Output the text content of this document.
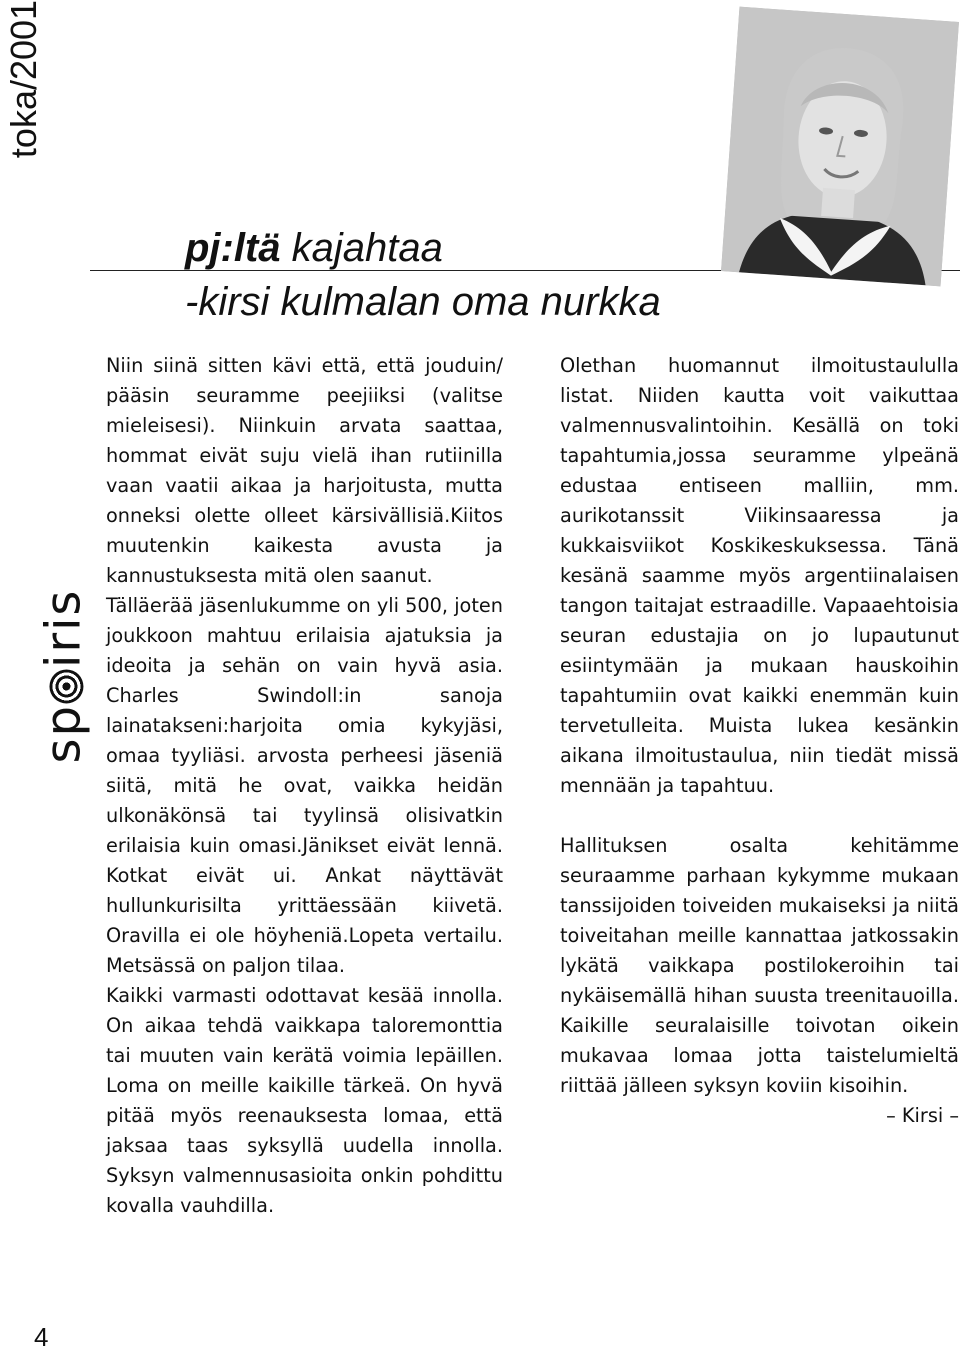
toka/2001
spiris
4
pj:ltä kajahtaa
-kirsi kulmalan oma nurkka

Niin siinä sitten kävi että, että jouduin/ pääsin seuramme peejiiksi (valitse mieleisesi). Niinkuin arvata saattaa, hommat eivät suju vielä ihan rutiinilla vaan vaatii aikaa ja harjoitusta, mutta onneksi olette olleet kärsivällisiä.Kiitos muutenkin kaikesta avusta ja kannustuksesta mitä olen saanut.

Tälläerää jäsenlukumme on yli 500, joten joukkoon mahtuu erilaisia ajatuksia ja ideoita ja sehän on vain hyvä asia. Charles Swindoll:in sanoja lainatakseni:harjoita omia kykyjäsi, omaa tyyliäsi. arvosta perheesi jäseniä siitä, mitä he ovat, vaikka heidän ulkonäkönsä tai tyylinsä olisivatkin erilaisia kuin omasi.Jänikset eivät lennä. Kotkat eivät ui. Ankat näyttävät hullunkurisilta yrittäessään kiivetä. Oravilla ei ole höyheniä.Lopeta vertailu. Metsässä on paljon tilaa.

Kaikki varmasti odottavat kesää innolla. On aikaa tehdä vaikkapa taloremonttia tai muuten vain kerätä voimia lepäillen. Loma on meille kaikille tärkeä. On hyvä pitää myös reenauksesta lomaa, että jaksaa taas syksyllä uudella innolla. Syksyn valmennusasioita onkin pohdittu kovalla vauhdilla.

Olethan huomannut ilmoitustaululla listat. Niiden kautta voit vaikuttaa valmennusvalintoihin. Kesällä on toki tapahtumia,jossa seuramme ylpeänä edustaa entiseen malliin, mm. aurikotanssit Viikinsaaressa ja kukkaisviikot Koskikeskuksessa. Tänä kesänä saamme myös argentiinalaisen tangon taitajat estraadille. Vapaaehtoisia seuran edustajia on jo lupautunut esiintymään ja mukaan hauskoihin tapahtumiin ovat kaikki enemmän kuin tervetulleita. Muista lukea kesänkin aikana ilmoitustaulua, niin tiedät missä mennään ja tapahtuu.

Hallituksen osalta kehitämme seuraamme parhaan kykymme mukaan tanssijoiden toiveiden mukaiseksi ja niitä toiveitahan meille kannattaa jatkossakin lykätä vaikkapa postilokeroihin tai nykäisemällä hihan suusta treenitauoilla. Kaikille seuralaisille toivotan oikein mukavaa lomaa jotta taistelumieltä riittää jälleen syksyn koviin kisoihin.

– Kirsi –
